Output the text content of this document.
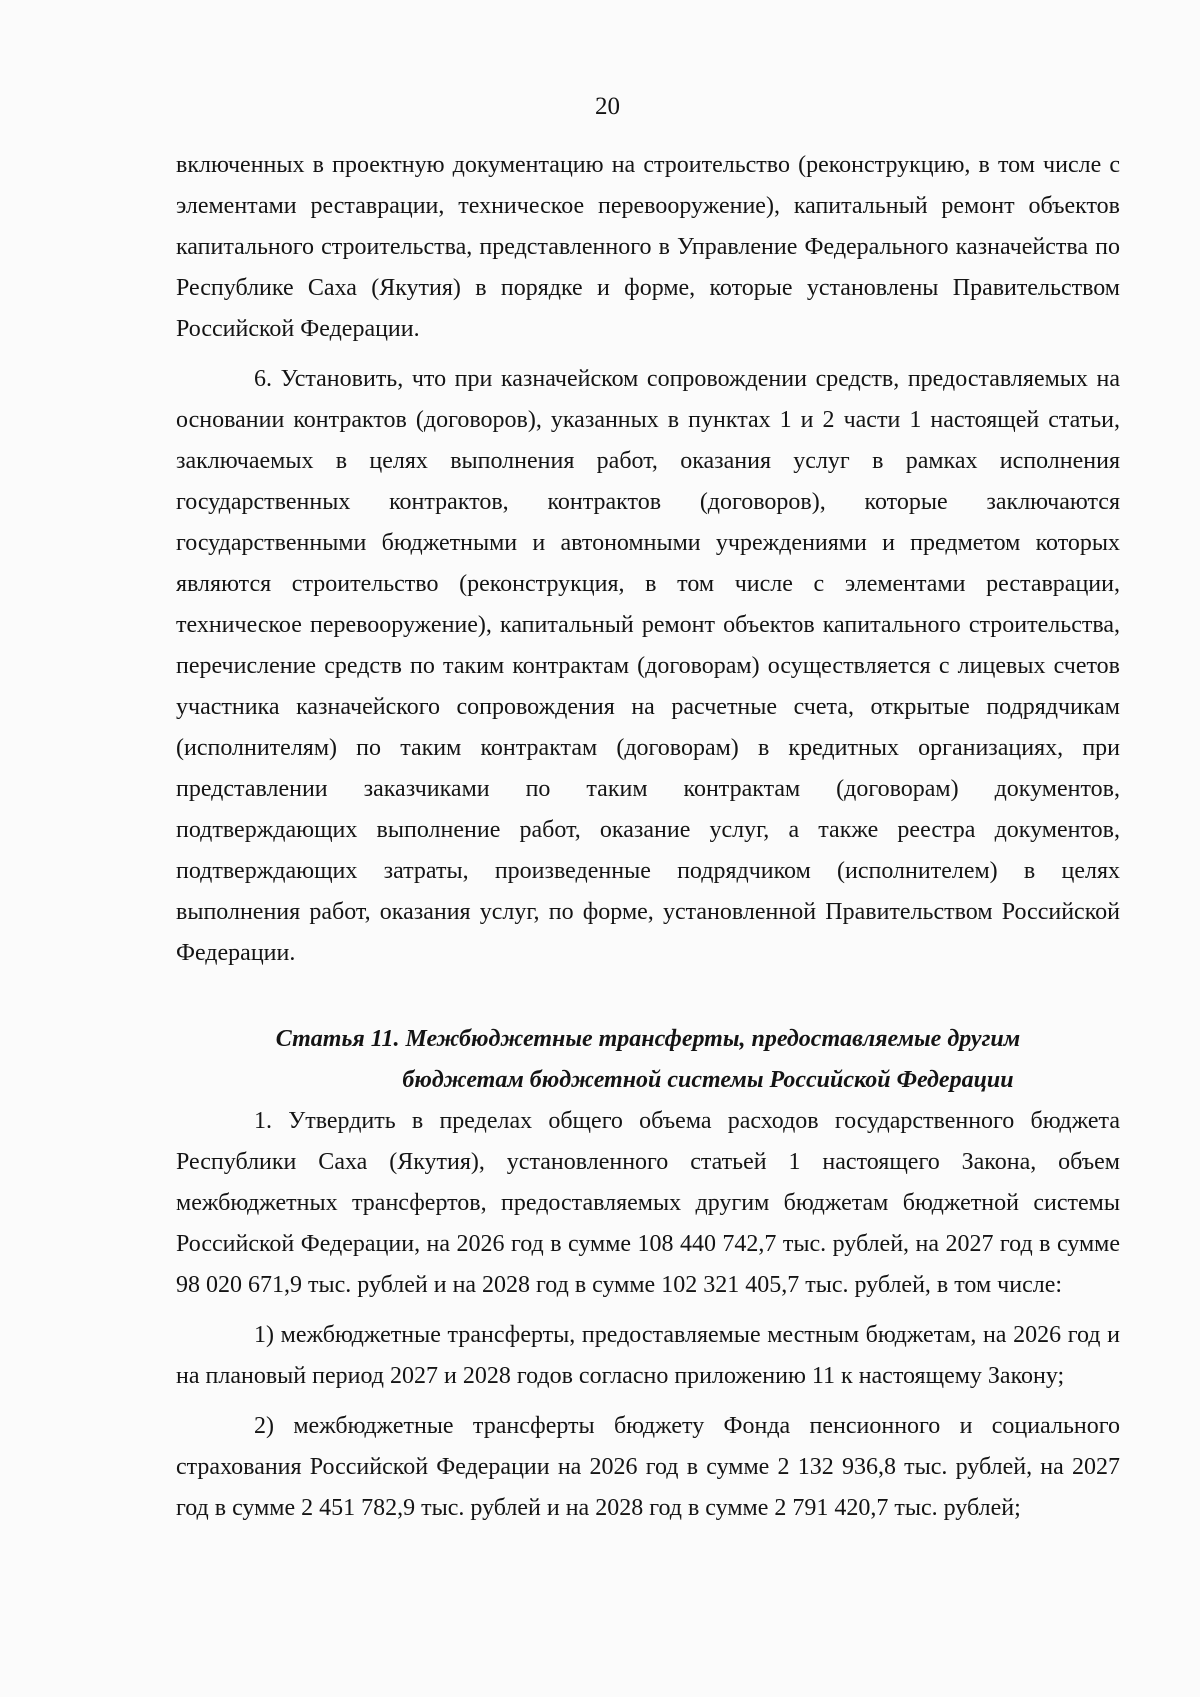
20

включенных в проектную документацию на строительство (реконструкцию, в том числе с элементами реставрации, техническое перевооружение), капитальный ремонт объектов капитального строительства, представленного в Управление Федерального казначейства по Республике Саха (Якутия) в порядке и форме, которые установлены Правительством Российской Федерации.

6. Установить, что при казначейском сопровождении средств, предоставляемых на основании контрактов (договоров), указанных в пунктах 1 и 2 части 1 настоящей статьи, заключаемых в целях выполнения работ, оказания услуг в рамках исполнения государственных контрактов, контрактов (договоров), которые заключаются государственными бюджетными и автономными учреждениями и предметом которых являются строительство (реконструкция, в том числе с элементами реставрации, техническое перевооружение), капитальный ремонт объектов капитального строительства, перечисление средств по таким контрактам (договорам) осуществляется с лицевых счетов участника казначейского сопровождения на расчетные счета, открытые подрядчикам (исполнителям) по таким контрактам (договорам) в кредитных организациях, при представлении заказчиками по таким контрактам (договорам) документов, подтверждающих выполнение работ, оказание услуг, а также реестра документов, подтверждающих затраты, произведенные подрядчиком (исполнителем) в целях выполнения работ, оказания услуг, по форме, установленной Правительством Российской Федерации.

Статья 11. Межбюджетные трансферты, предоставляемые другим
бюджетам бюджетной системы Российской Федерации

1. Утвердить в пределах общего объема расходов государственного бюджета Республики Саха (Якутия), установленного статьей 1 настоящего Закона, объем межбюджетных трансфертов, предоставляемых другим бюджетам бюджетной системы Российской Федерации, на 2026 год в сумме 108 440 742,7 тыс. рублей, на 2027 год в сумме 98 020 671,9 тыс. рублей и на 2028 год в сумме 102 321 405,7 тыс. рублей, в том числе:

1) межбюджетные трансферты, предоставляемые местным бюджетам, на 2026 год и на плановый период 2027 и 2028 годов согласно приложению 11 к настоящему Закону;

2) межбюджетные трансферты бюджету Фонда пенсионного и социального страхования Российской Федерации на 2026 год в сумме 2 132 936,8 тыс. рублей, на 2027 год в сумме 2 451 782,9 тыс. рублей и на 2028 год в сумме 2 791 420,7 тыс. рублей;
